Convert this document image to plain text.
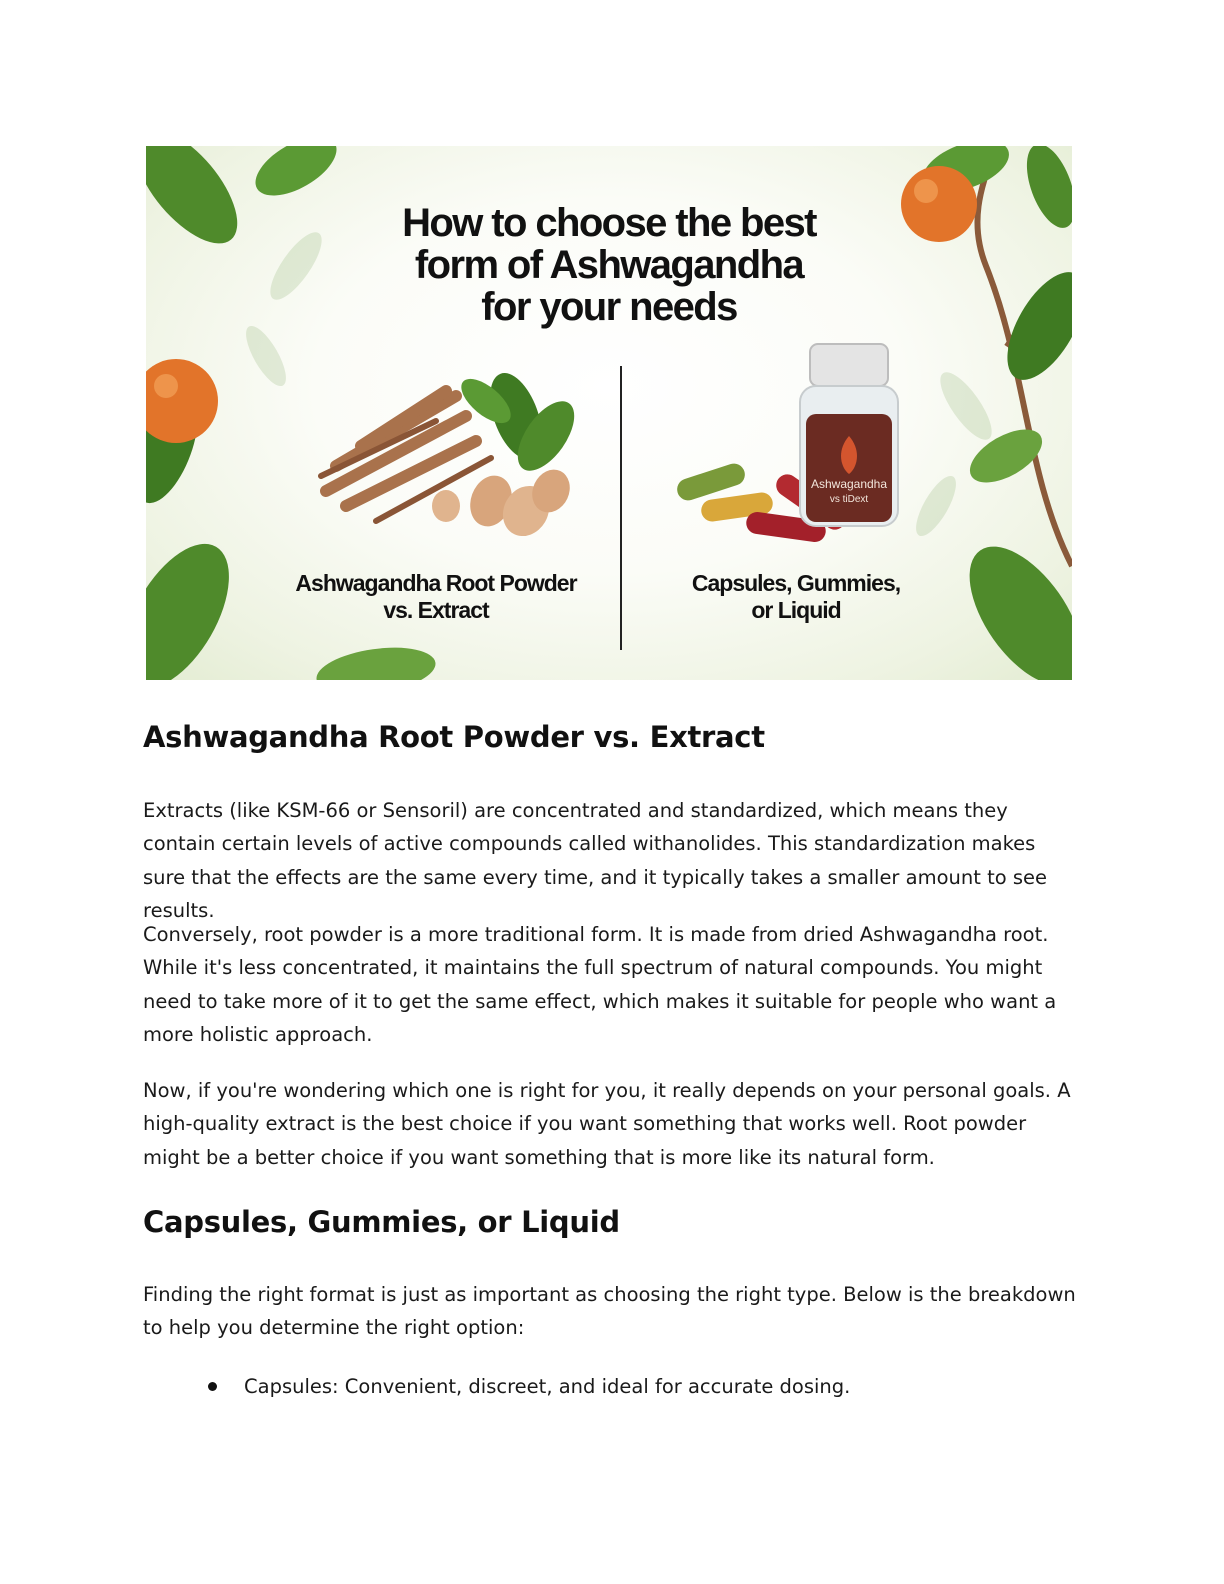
Ashwagandha
vs tiDext
How to choose the best
form of Ashwagandha
for your needs
Ashwagandha Root Powder
vs. Extract
Capsules, Gummies,
or Liquid
Ashwagandha Root Powder vs. Extract

Extracts (like KSM-66 or Sensoril) are concentrated and standardized, which means they contain certain levels of active compounds called withanolides. This standardization makes sure that the effects are the same every time, and it typically takes a smaller amount to see results.

Conversely, root powder is a more traditional form. It is made from dried Ashwagandha root. While it's less concentrated, it maintains the full spectrum of natural compounds. You might need to take more of it to get the same effect, which makes it suitable for people who want a more holistic approach.

Now, if you're wondering which one is right for you, it really depends on your personal goals. A high-quality extract is the best choice if you want something that works well. Root powder might be a better choice if you want something that is more like its natural form.

Capsules, Gummies, or Liquid

Finding the right format is just as important as choosing the right type. Below is the breakdown to help you determine the right option:

Capsules: Convenient, discreet, and ideal for accurate dosing.
